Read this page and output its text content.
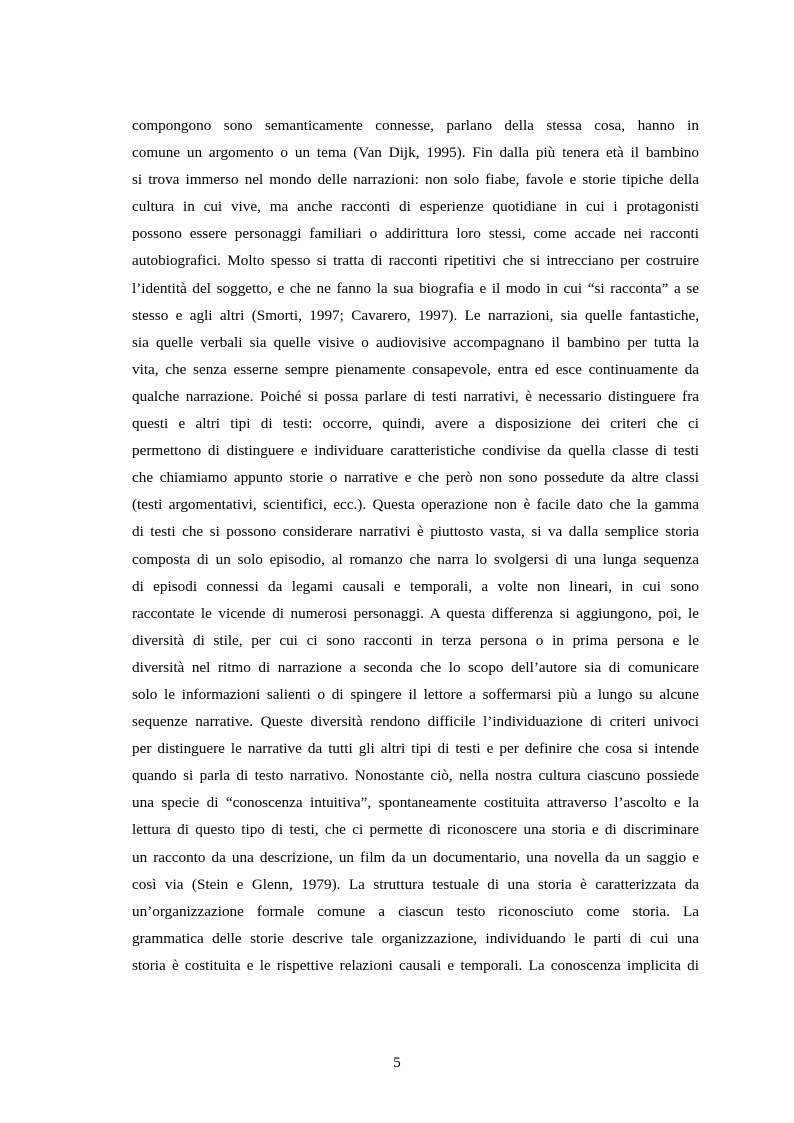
compongono sono semanticamente connesse, parlano della stessa cosa, hanno in
comune un argomento o un tema (Van Dijk, 1995). Fin dalla più tenera età il bambino
si trova immerso nel mondo delle narrazioni: non solo fiabe, favole e storie tipiche della
cultura in cui vive, ma anche racconti di esperienze quotidiane in cui i protagonisti
possono essere personaggi familiari o addirittura loro stessi, come accade nei racconti
autobiografici. Molto spesso si tratta di racconti ripetitivi che si intrecciano per costruire
l’identità del soggetto, e che ne fanno la sua biografia e il modo in cui “si racconta” a se
stesso e agli altri (Smorti, 1997; Cavarero, 1997). Le narrazioni, sia quelle fantastiche,
sia quelle verbali sia quelle visive o audiovisive accompagnano il bambino per tutta la
vita, che senza esserne sempre pienamente consapevole, entra ed esce continuamente da
qualche narrazione. Poiché si possa parlare di testi narrativi, è necessario distinguere fra
questi e altri tipi di testi: occorre, quindi, avere a disposizione dei criteri che ci
permettono di distinguere e individuare caratteristiche condivise da quella classe di testi
che chiamiamo appunto storie o narrative e che però non sono possedute da altre classi
(testi argomentativi, scientifici, ecc.). Questa operazione non è facile dato che la gamma
di testi che si possono considerare narrativi è piuttosto vasta, si va dalla semplice storia
composta di un solo episodio, al romanzo che narra lo svolgersi di una lunga sequenza
di episodi connessi da legami causali e temporali, a volte non lineari, in cui sono
raccontate le vicende di numerosi personaggi. A questa differenza si aggiungono, poi, le
diversità di stile, per cui ci sono racconti in terza persona o in prima persona e le
diversità nel ritmo di narrazione a seconda che lo scopo dell’autore sia di comunicare
solo le informazioni salienti o di spingere il lettore a soffermarsi più a lungo su alcune
sequenze narrative. Queste diversità rendono difficile l’individuazione di criteri univoci
per distinguere le narrative da tutti gli altri tipi di testi e per definire che cosa si intende
quando si parla di testo narrativo. Nonostante ciò, nella nostra cultura ciascuno possiede
una specie di “conoscenza intuitiva”, spontaneamente costituita attraverso l’ascolto e la
lettura di questo tipo di testi, che ci permette di riconoscere una storia e di discriminare
un racconto da una descrizione, un film da un documentario, una novella da un saggio e
così via (Stein e Glenn, 1979). La struttura testuale di una storia è caratterizzata da
un’organizzazione formale comune a ciascun testo riconosciuto come storia. La
grammatica delle storie descrive tale organizzazione, individuando le parti di cui una
storia è costituita e le rispettive relazioni causali e temporali. La conoscenza implicita di
5
